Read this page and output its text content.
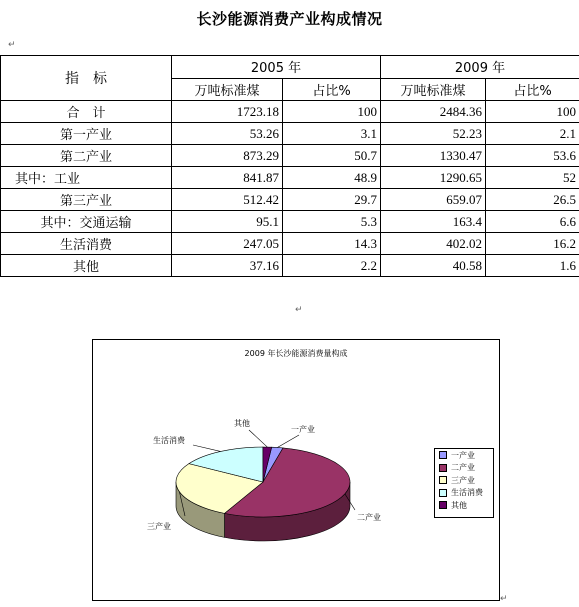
长沙能源消费产业构成情况
↵
指　标	2005 年		2009 年	
	万吨标准煤	占比%	万吨标准煤	占比%
合　计	1723.18	100	2484.36	100
第一产业	53.26	3.1	52.23	2.1
第二产业	873.29	50.7	1330.47	53.6
其中：工业	841.87	48.9	1290.65	52
第三产业	512.42	29.7	659.07	26.5
其中：交通运输	95.1	5.3	163.4	6.6
生活消费	247.05	14.3	402.02	16.2
其他	37.16	2.2	40.58	1.6
↵
2009 年长沙能源消费量构成
一产业
二产业
三产业
生活消费
其他
一产业
二产业
三产业
生活消费
其他
↵
